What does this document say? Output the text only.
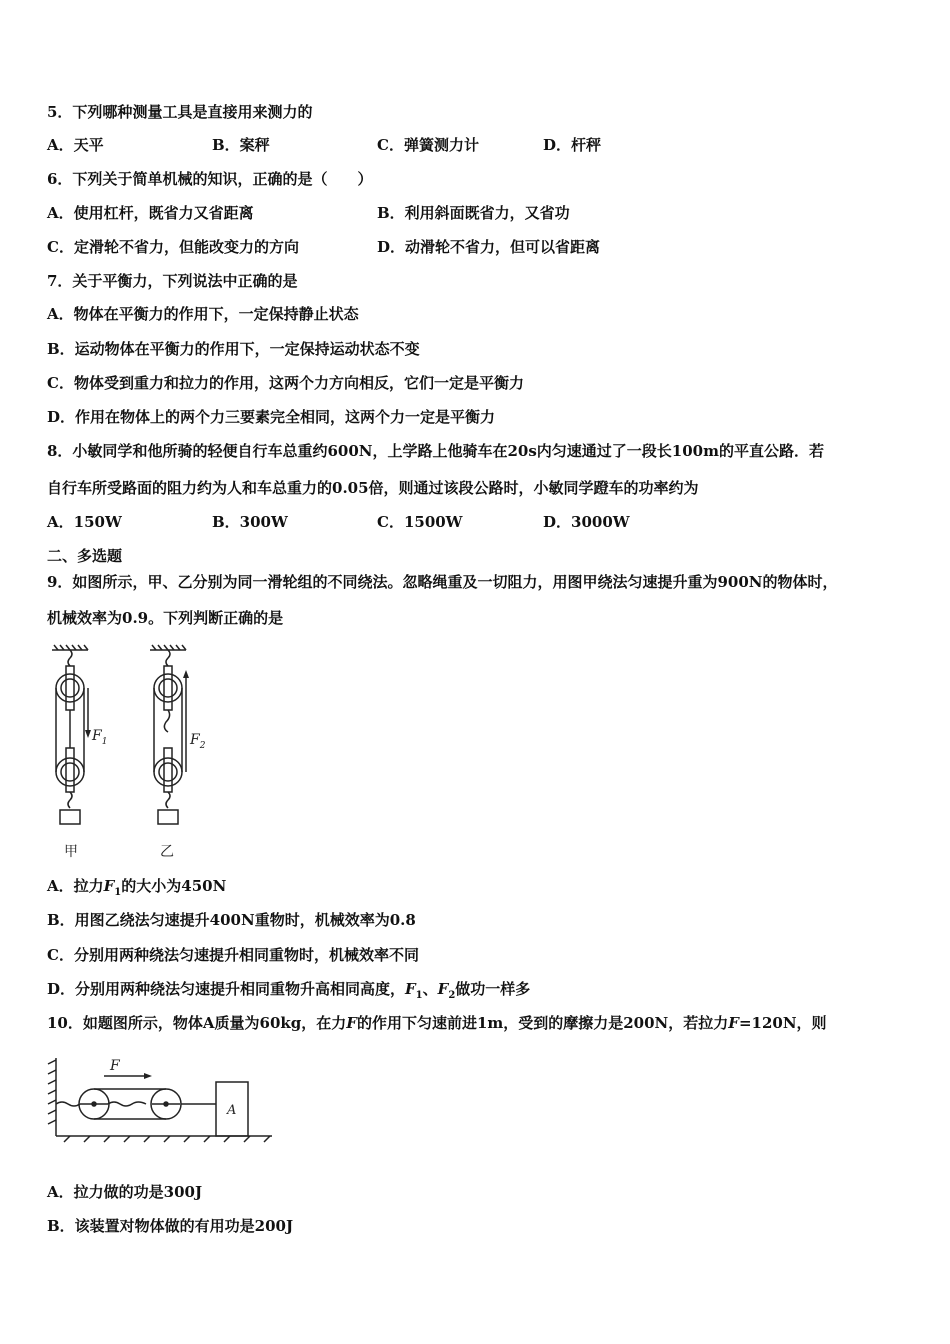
5．下列哪种测量工具是直接用来测力的
A．天平	B．案秤	C．弹簧测力计	D．杆秤
6．下列关于简单机械的知识，正确的是（　　）
A．使用杠杆，既省力又省距离	B．利用斜面既省力，又省功
C．定滑轮不省力，但能改变力的方向	D．动滑轮不省力，但可以省距离
7．关于平衡力，下列说法中正确的是
A．物体在平衡力的作用下，一定保持静止状态
B．运动物体在平衡力的作用下，一定保持运动状态不变
C．物体受到重力和拉力的作用，这两个力方向相反，它们一定是平衡力
D．作用在物体上的两个力三要素完全相同，这两个力一定是平衡力
8．小敏同学和他所骑的轻便自行车总重约600N，上学路上他骑车在20s内匀速通过了一段长100m的平直公路．若
自行车所受路面的阻力约为人和车总重力的0.05倍，则通过该段公路时，小敏同学蹬车的功率约为
A．150W	B．300W	C．1500W	D．3000W
二、多选题
9．如图所示，甲、乙分别为同一滑轮组的不同绕法。忽略绳重及一切阻力，用图甲绕法匀速提升重为900N的物体时，
机械效率为0.9。下列判断正确的是
$F_1$
甲
$F_2$
乙
A．拉力$F_1$的大小为450N
B．用图乙绕法匀速提升400N重物时，机械效率为0.8
C．分别用两种绕法匀速提升相同重物时，机械效率不同
D．分别用两种绕法匀速提升相同重物升高相同高度，$F_1$、$F_2$做功一样多
10．如题图所示，物体A质量为60kg，在力F的作用下匀速前进1m，受到的摩擦力是200N，若拉力F=120N，则
F
A
A．拉力做的功是300J
B．该装置对物体做的有用功是200J
